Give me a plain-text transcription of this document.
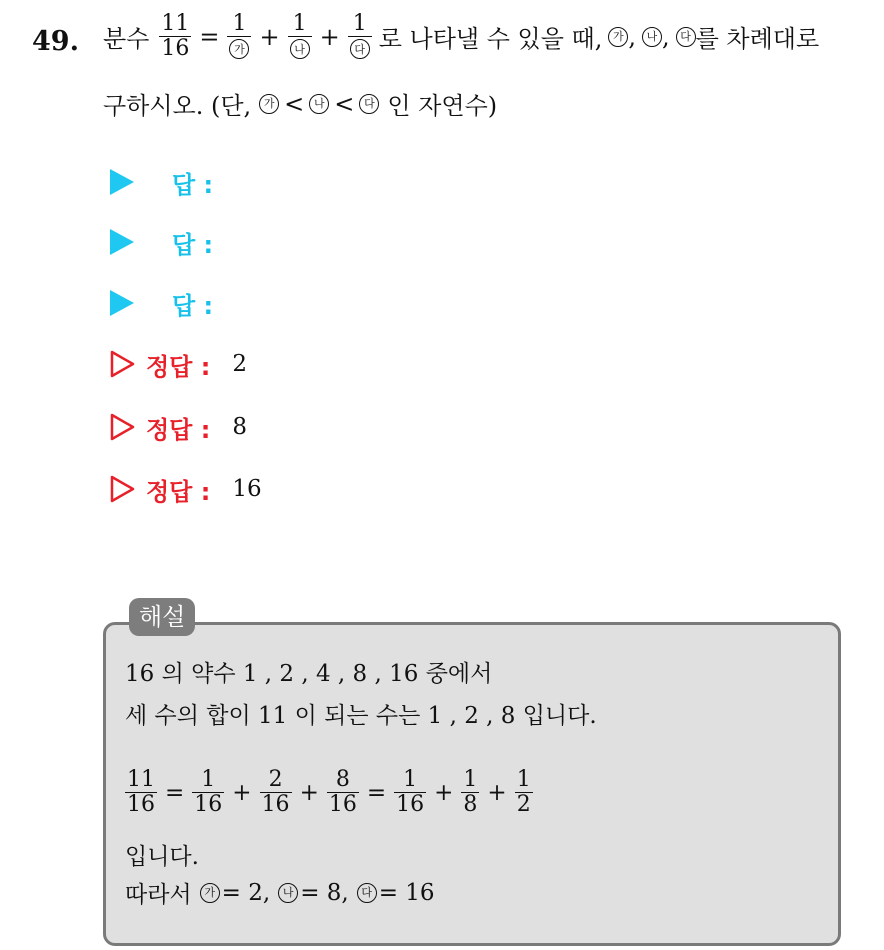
49. 분수 $\frac{11}{16} = \frac{1}{\text{가}} + \frac{1}{\text{나}} + \frac{1}{\text{다}}$ 로 나타낼 수 있을 때, 가 , 나 , 다 를 차례대로
구하시오. (단,	가 < 나 < 다 인 자연수)
답 :
답 :
답 :
정답 : 2
정답 : 8
정답 : 16
해설
16 의 약수 1 , 2 , 4 , 8 , 16 중에서
세 수의 합이 11 이 되는 수는 1 , 2 , 8 입니다.
$\frac{11}{16} = \frac{1}{16} + \frac{2}{16} + \frac{8}{16} = \frac{1}{16} + \frac{1}{8} + \frac{1}{2}$
입니다.
따라서	가 = 2,	나 = 8,	다 = 16
